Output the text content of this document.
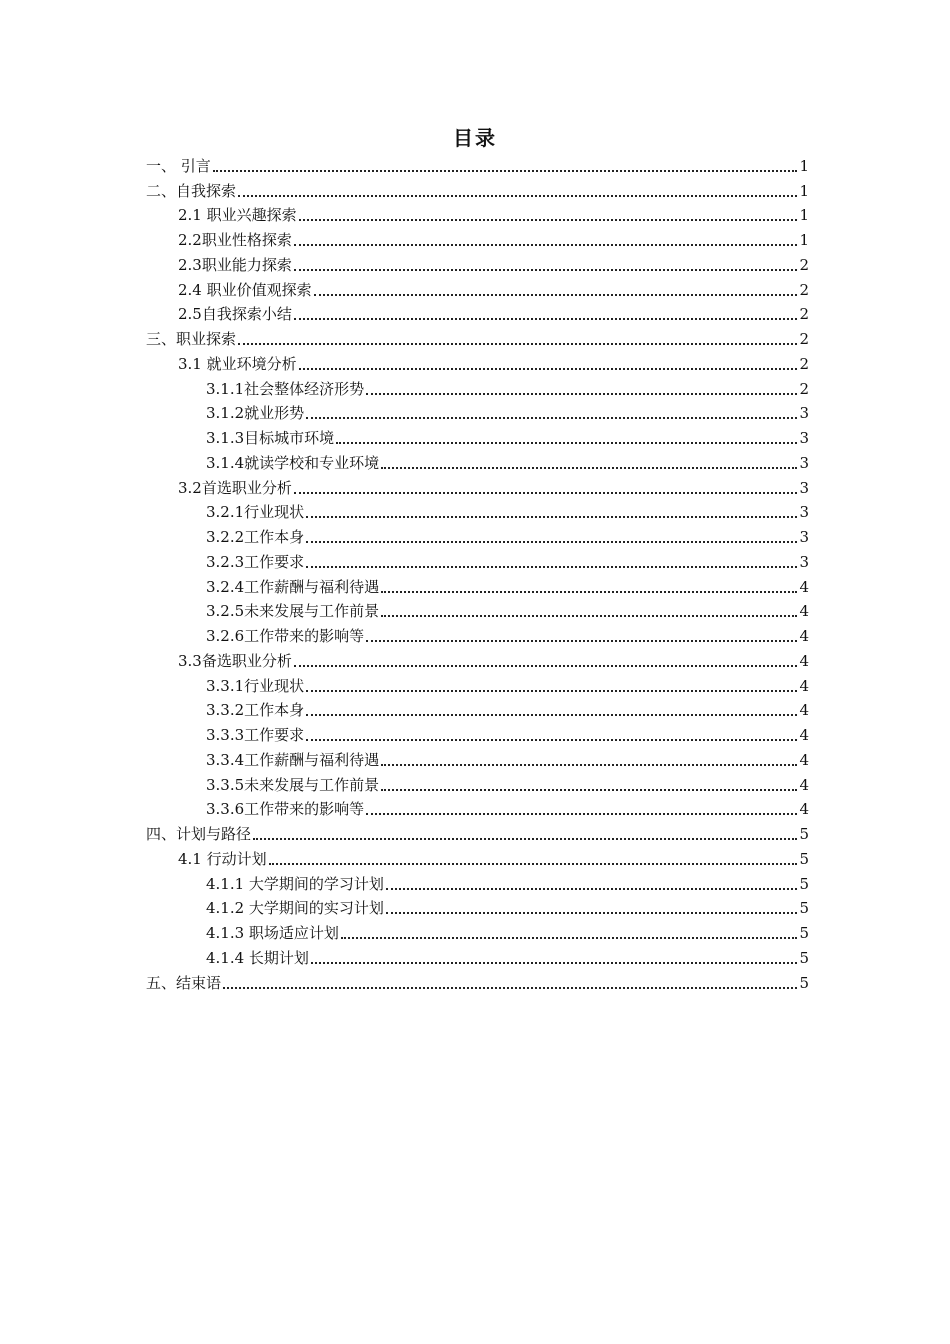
目录
一、 引言	1
二、自我探索	1
2.1 职业兴趣探索	1
2.2职业性格探索	1
2.3职业能力探索	2
2.4 职业价值观探索	2
2.5自我探索小结	2
三、职业探索	2
3.1 就业环境分析	2
3.1.1社会整体经济形势	2
3.1.2就业形势	3
3.1.3目标城市环境	3
3.1.4就读学校和专业环境	3
3.2首选职业分析	3
3.2.1行业现状	3
3.2.2工作本身	3
3.2.3工作要求	3
3.2.4工作薪酬与福利待遇	4
3.2.5未来发展与工作前景	4
3.2.6工作带来的影响等	4
3.3备选职业分析	4
3.3.1行业现状	4
3.3.2工作本身	4
3.3.3工作要求	4
3.3.4工作薪酬与福利待遇	4
3.3.5未来发展与工作前景	4
3.3.6工作带来的影响等	4
四、计划与路径	5
4.1 行动计划	5
4.1.1 大学期间的学习计划	5
4.1.2 大学期间的实习计划	5
4.1.3 职场适应计划	5
4.1.4 长期计划	5
五、结束语	5
